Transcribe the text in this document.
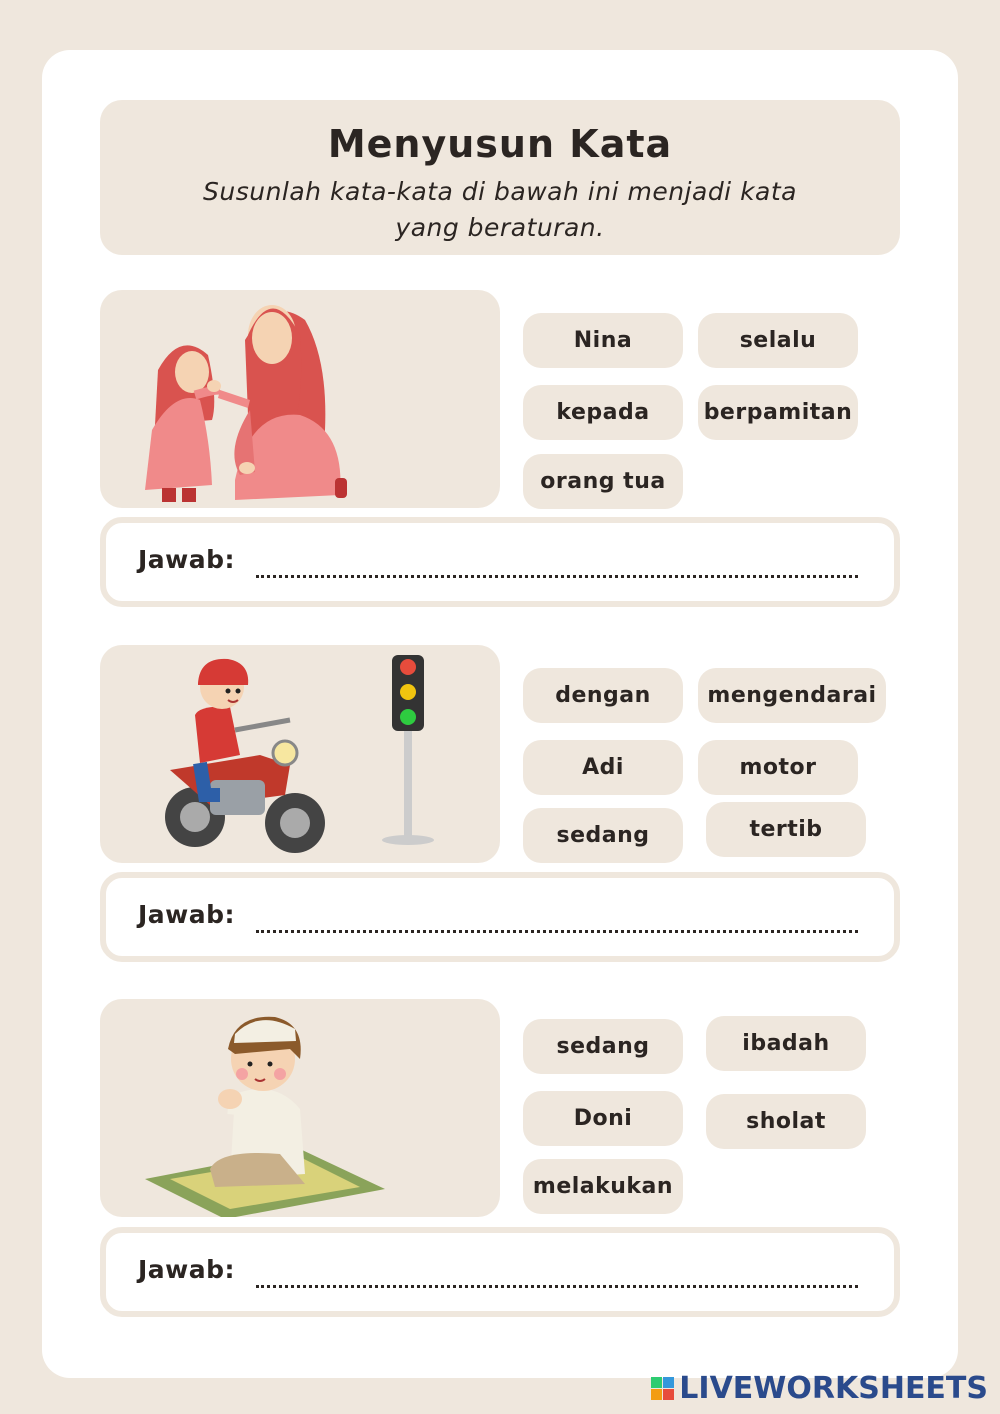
Menyusun Kata
Susunlah kata-kata di bawah ini menjadi kata yang beraturan.
Nina	selalu
kepada	berpamitan
orang tua
Jawab:
dengan	mengendarai
Adi	motor
sedang	tertib
Jawab:
sedang	ibadah
Doni	sholat
melakukan
Jawab:
LIVEWORKSHEETS
